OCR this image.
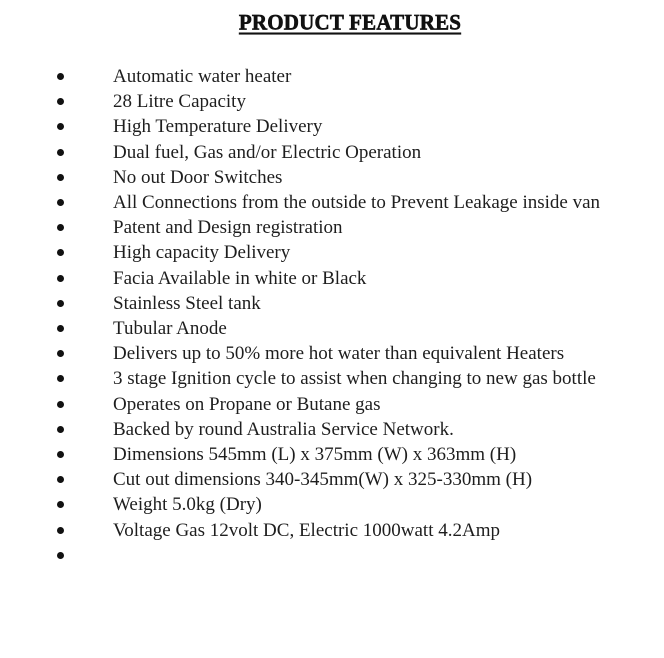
PRODUCT FEATURES
Automatic water heater
28 Litre Capacity
High Temperature Delivery
Dual fuel, Gas and/or Electric Operation
No out Door Switches
All Connections from the outside to Prevent Leakage inside van
Patent and Design registration
High capacity Delivery
Facia Available in white or Black
Stainless Steel tank
Tubular Anode
Delivers up to 50% more hot water than equivalent Heaters
3 stage Ignition cycle to assist when changing to new gas bottle
Operates on Propane or Butane gas
Backed by round Australia Service Network.
Dimensions 545mm (L) x 375mm (W) x 363mm (H)
Cut out dimensions 340-345mm(W) x 325-330mm (H)
Weight 5.0kg (Dry)
Voltage Gas 12volt DC, Electric 1000watt 4.2Amp
